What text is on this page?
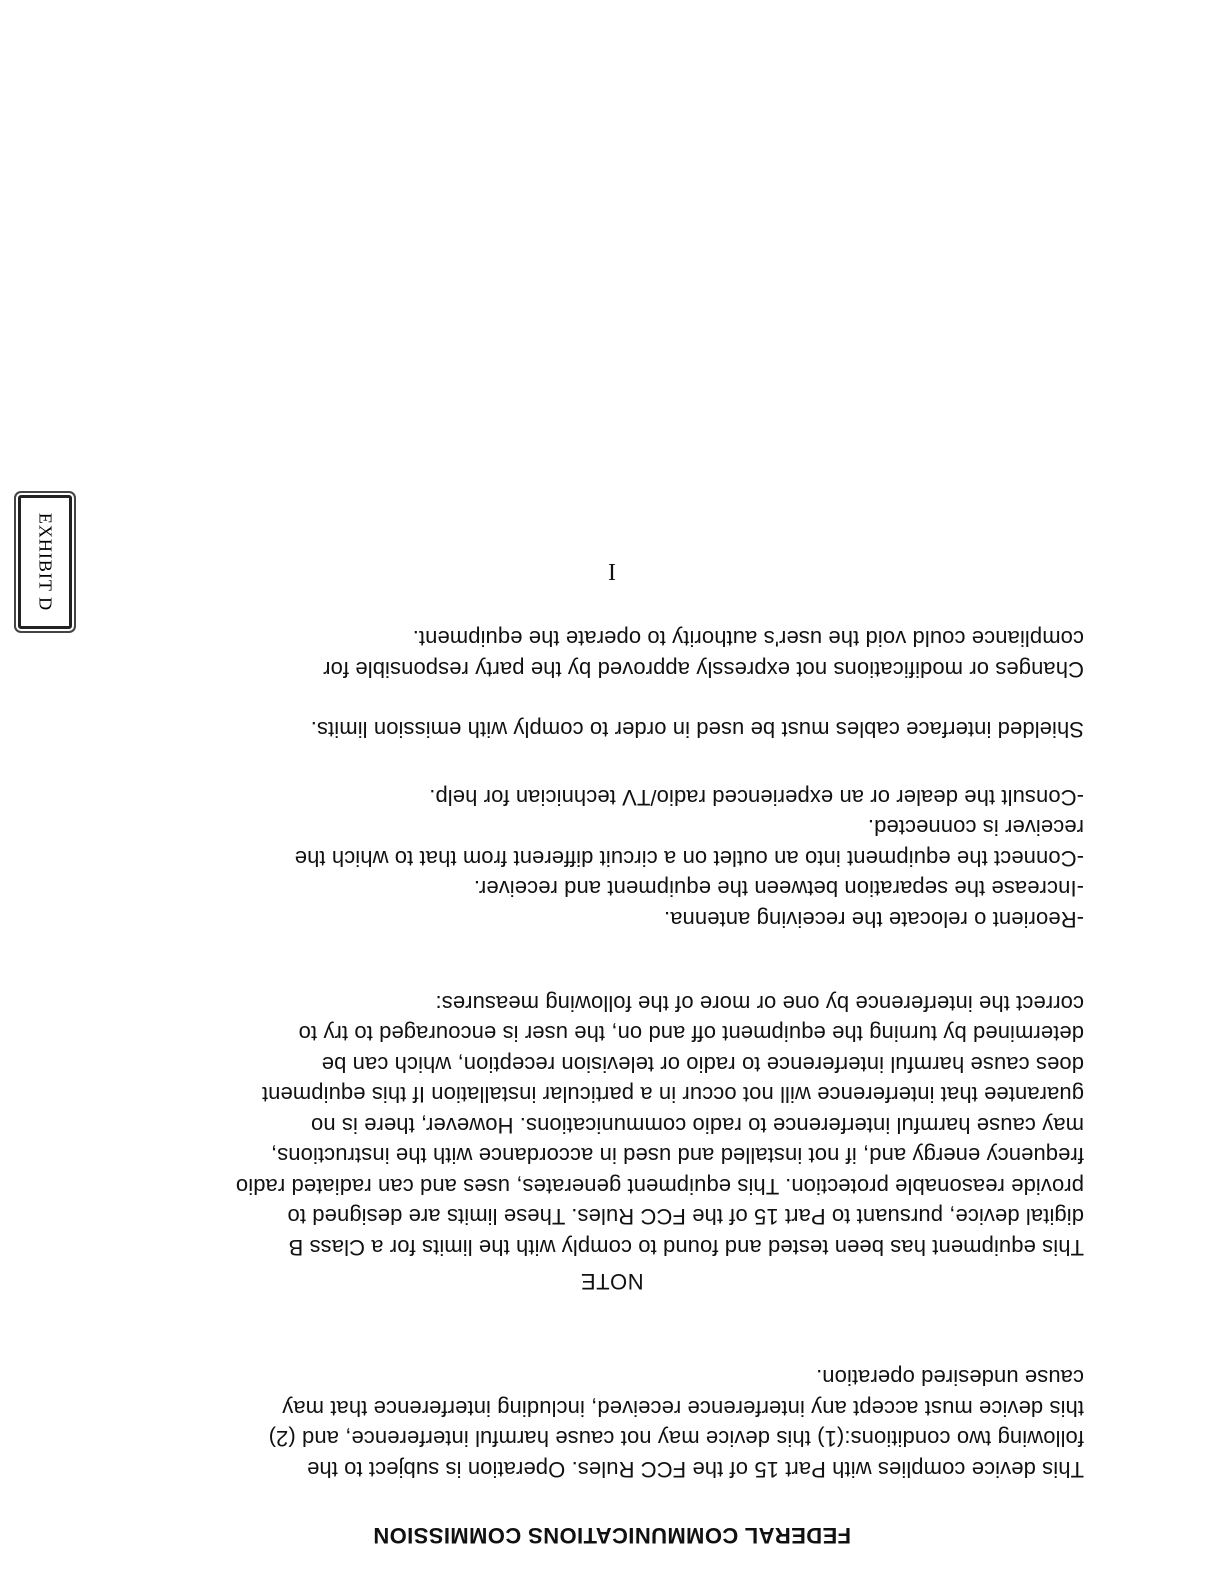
FEDERAL COMMUNICATIONS COMMISSION
This device complies with Part 15 of the FCC Rules. Operation is subject to the
following two conditions:(1) this device may not cause harmful interference, and (2)
this device must accept any interference received, including interference that may
cause undesired operation.
NOTE
This equipment has been tested and found to comply with the limits for a Class B
digital device, pursuant to Part 15 of the FCC Rules. These limits are designed to
provide reasonable protection. This equipment generates, uses and can radiated radio
frequency energy and, if not installed and used in accordance with the instructions,
may cause harmful interference to radio communications. However, there is no
guarantee that interference will not occur in a particular installation If this equipment
does cause harmful interference to radio or television reception, which can be
determined by turning the equipment off and on, the user is encouraged to try to
correct the interference by one or more of the following measures:
-Reorient o relocate the receiving antenna.
-Increase the separation between the equipment and receiver.
-Connect the equipment into an outlet on a circuit different from that to which the
receiver is connected.
-Consult the dealer or an experienced radio/TV technician for help.
Shielded interface cables must be used in order to comply with emission limits.
Changes or modifications not expressly approved by the party responsible for
compliance could void the user's authority to operate the equipment.
I
EXHIBIT D
